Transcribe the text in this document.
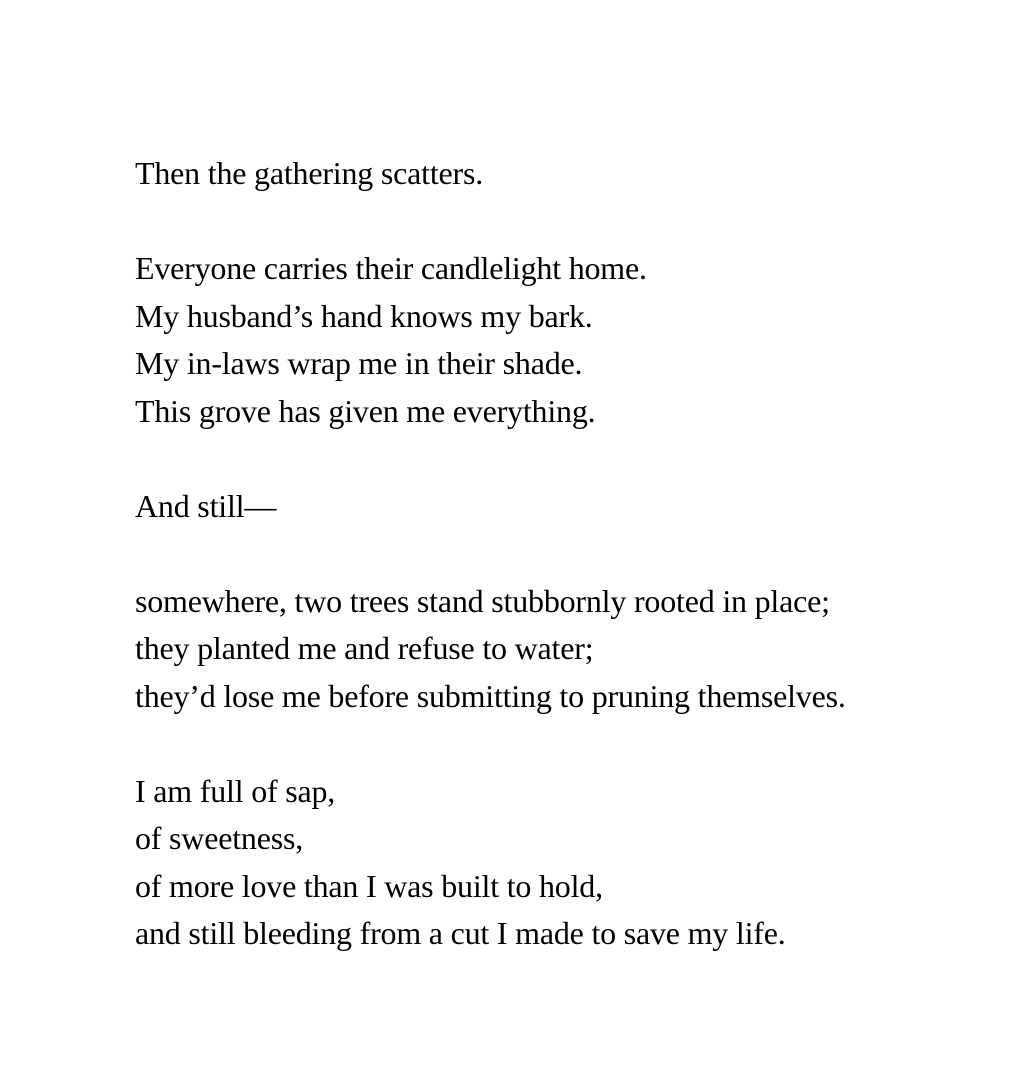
Then the gathering scatters.
Everyone carries their candlelight home.
My husband’s hand knows my bark.
My in-laws wrap me in their shade.
This grove has given me everything.
And still—
somewhere, two trees stand stubbornly rooted in place;
they planted me and refuse to water;
they’d lose me before submitting to pruning themselves.
I am full of sap,
of sweetness,
of more love than I was built to hold,
and still bleeding from a cut I made to save my life.
